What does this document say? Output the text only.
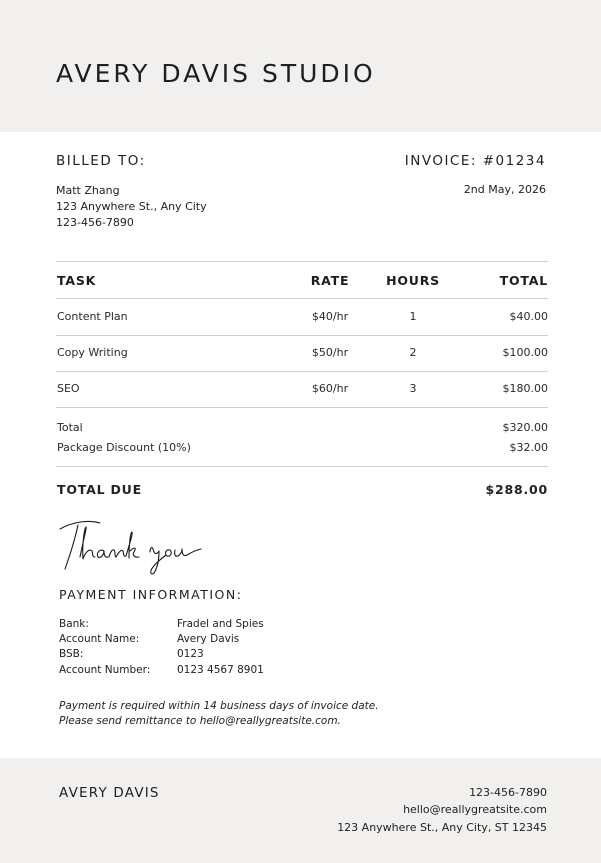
AVERY DAVIS STUDIO
BILLED TO:	INVOICE: #01234
Matt Zhang
123 Anywhere St., Any City
123-456-7890
2nd May, 2026
TASK	RATE	HOURS	TOTAL
Content Plan	$40/hr	1	$40.00
Copy Writing	$50/hr	2	$100.00
SEO	$60/hr	3	$180.00
Total	$320.00
Package Discount (10%)	$32.00
TOTAL DUE	$288.00
PAYMENT INFORMATION:
Bank:	Fradel and Spies
Account Name:	Avery Davis
BSB:	0123
Account Number:	0123 4567 8901
Payment is required within 14 business days of invoice date.
Please send remittance to hello@reallygreatsite.com.
AVERY DAVIS	123-456-7890
hello@reallygreatsite.com
123 Anywhere St., Any City, ST 12345
